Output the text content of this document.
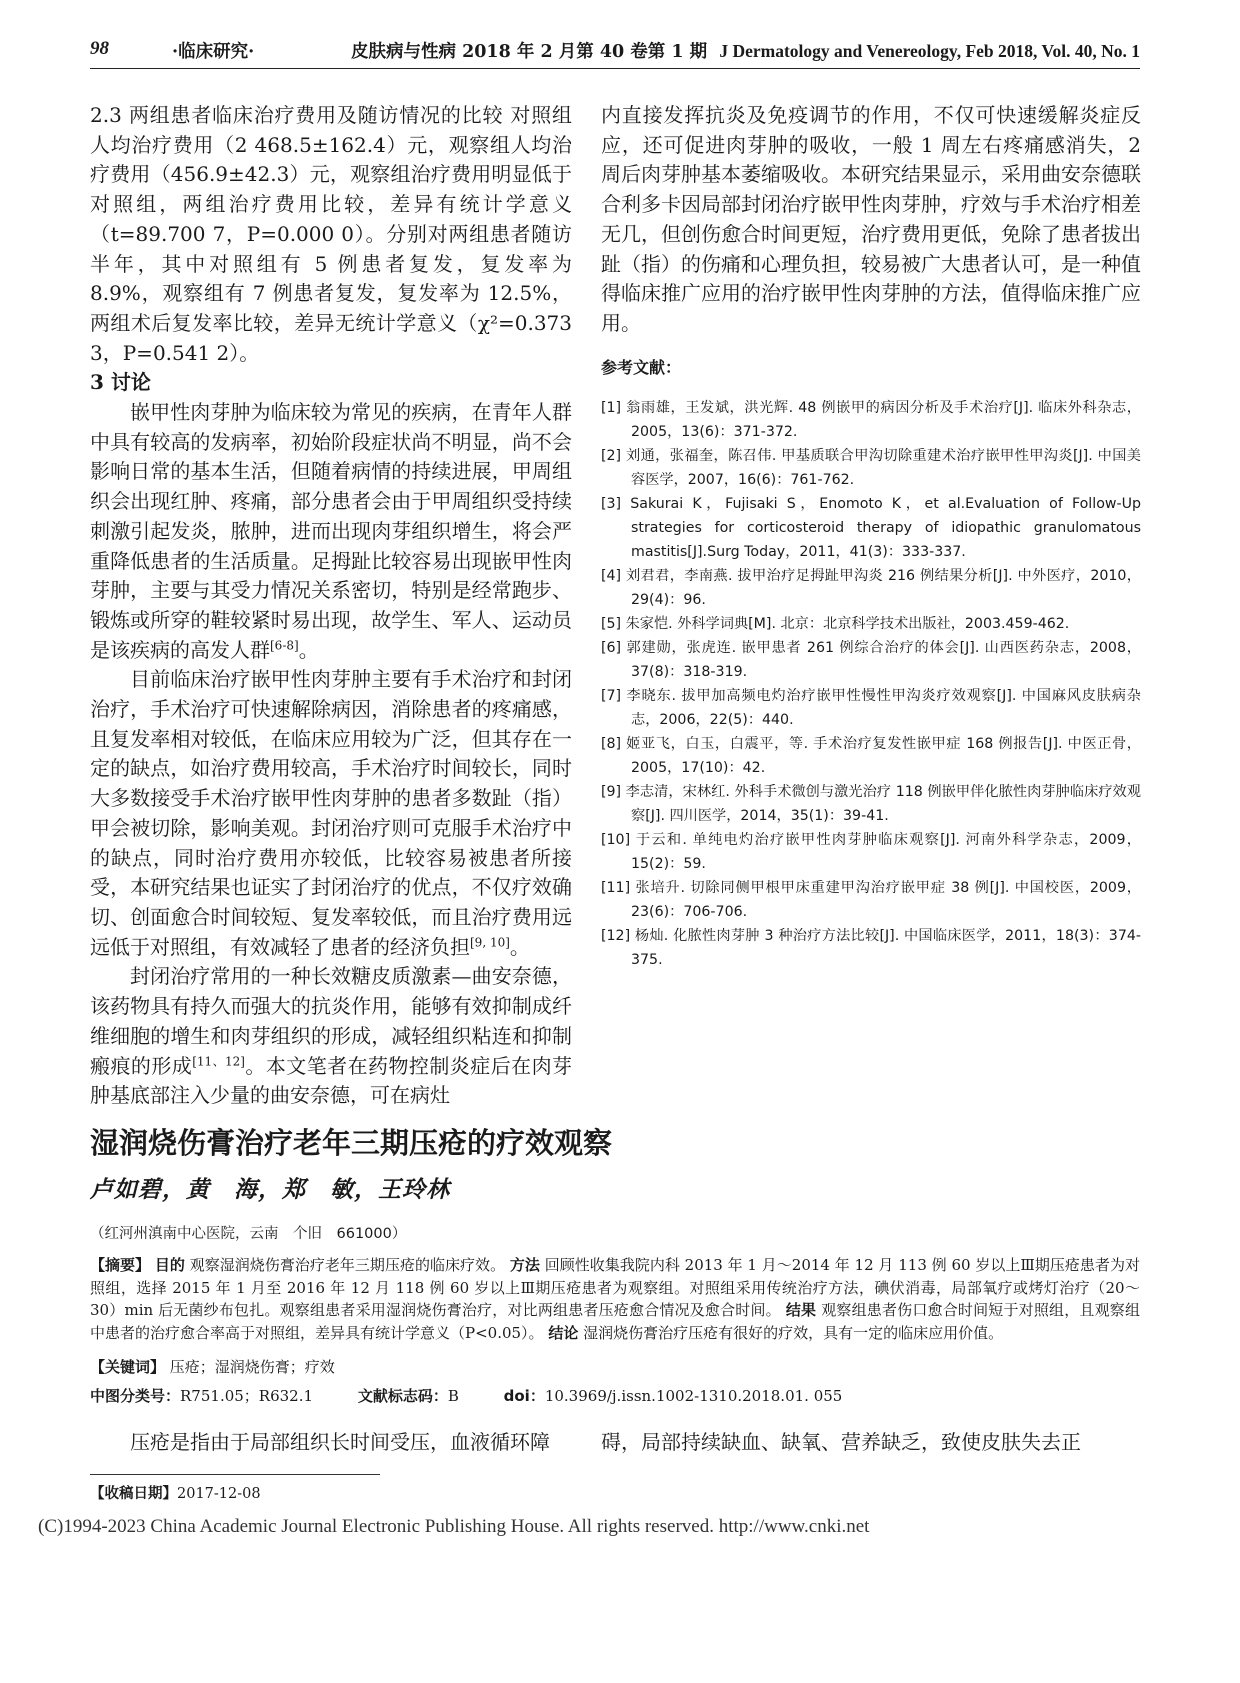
98	·临床研究·	皮肤病与性病 2018 年 2 月第 40 卷第 1 期 J Dermatology and Venereology, Feb 2018, Vol. 40, No. 1

2.3 两组患者临床治疗费用及随访情况的比较 对照组人均治疗费用（2 468.5±162.4）元，观察组人均治疗费用（456.9±42.3）元，观察组治疗费用明显低于对照组，两组治疗费用比较，差异有统计学意义（t=89.700 7，P=0.000 0）。分别对两组患者随访半年，其中对照组有 5 例患者复发，复发率为 8.9%，观察组有 7 例患者复发，复发率为 12.5%，两组术后复发率比较，差异无统计学意义（χ²=0.373 3，P=0.541 2）。

3 讨论

嵌甲性肉芽肿为临床较为常见的疾病，在青年人群中具有较高的发病率，初始阶段症状尚不明显，尚不会影响日常的基本生活，但随着病情的持续进展，甲周组织会出现红肿、疼痛，部分患者会由于甲周组织受持续刺激引起发炎，脓肿，进而出现肉芽组织增生，将会严重降低患者的生活质量。足拇趾比较容易出现嵌甲性肉芽肿，主要与其受力情况关系密切，特别是经常跑步、锻炼或所穿的鞋较紧时易出现，故学生、军人、运动员是该疾病的高发人群[6-8]。

目前临床治疗嵌甲性肉芽肿主要有手术治疗和封闭治疗，手术治疗可快速解除病因，消除患者的疼痛感，且复发率相对较低，在临床应用较为广泛，但其存在一定的缺点，如治疗费用较高，手术治疗时间较长，同时大多数接受手术治疗嵌甲性肉芽肿的患者多数趾（指）甲会被切除，影响美观。封闭治疗则可克服手术治疗中的缺点，同时治疗费用亦较低，比较容易被患者所接受，本研究结果也证实了封闭治疗的优点，不仅疗效确切、创面愈合时间较短、复发率较低，而且治疗费用远远低于对照组，有效减轻了患者的经济负担[9, 10]。

封闭治疗常用的一种长效糖皮质激素—曲安奈德，该药物具有持久而强大的抗炎作用，能够有效抑制成纤维细胞的增生和肉芽组织的形成，减轻组织粘连和抑制瘢痕的形成[11、12]。本文笔者在药物控制炎症后在肉芽肿基底部注入少量的曲安奈德，可在病灶

内直接发挥抗炎及免疫调节的作用，不仅可快速缓解炎症反应，还可促进肉芽肿的吸收，一般 1 周左右疼痛感消失，2 周后肉芽肿基本萎缩吸收。本研究结果显示，采用曲安奈德联合利多卡因局部封闭治疗嵌甲性肉芽肿，疗效与手术治疗相差无几，但创伤愈合时间更短，治疗费用更低，免除了患者拔出趾（指）的伤痛和心理负担，较易被广大患者认可，是一种值得临床推广应用的治疗嵌甲性肉芽肿的方法，值得临床推广应用。

参考文献：

[1] 翁雨雄，王发斌，洪光辉. 48 例嵌甲的病因分析及手术治疗[J]. 临床外科杂志，2005，13(6)：371-372.

[2] 刘通，张福奎，陈召伟. 甲基质联合甲沟切除重建术治疗嵌甲性甲沟炎[J]. 中国美容医学，2007，16(6)：761-762.

[3] Sakurai K，Fujisaki S，Enomoto K，et al.Evaluation of Follow-Up strategies for corticosteroid therapy of idiopathic granulomatous mastitis[J].Surg Today，2011，41(3)：333-337.

[4] 刘君君，李南燕. 拔甲治疗足拇趾甲沟炎 216 例结果分析[J]. 中外医疗，2010，29(4)：96.

[5] 朱家恺. 外科学词典[M]. 北京：北京科学技术出版社，2003.459-462.

[6] 郭建勋，张虎连. 嵌甲患者 261 例综合治疗的体会[J]. 山西医药杂志，2008，37(8)：318-319.

[7] 李晓东. 拔甲加高频电灼治疗嵌甲性慢性甲沟炎疗效观察[J]. 中国麻风皮肤病杂志，2006，22(5)：440.

[8] 姬亚飞，白玉，白震平，等. 手术治疗复发性嵌甲症 168 例报告[J]. 中医正骨，2005，17(10)：42.

[9] 李志清，宋林红. 外科手术微创与激光治疗 118 例嵌甲伴化脓性肉芽肿临床疗效观察[J]. 四川医学，2014，35(1)：39-41.

[10] 于云和. 单纯电灼治疗嵌甲性肉芽肿临床观察[J]. 河南外科学杂志，2009，15(2)：59.

[11] 张培升. 切除同侧甲根甲床重建甲沟治疗嵌甲症 38 例[J]. 中国校医，2009，23(6)：706-706.

[12] 杨灿. 化脓性肉芽肿 3 种治疗方法比较[J]. 中国临床医学，2011，18(3)：374-375.

湿润烧伤膏治疗老年三期压疮的疗效观察
卢如碧，黄　海，郑　敏，王玲林
（红河州滇南中心医院，云南　个旧　661000）
【摘要】 目的 观察湿润烧伤膏治疗老年三期压疮的临床疗效。 方法 回顾性收集我院内科 2013 年 1 月～2014 年 12 月 113 例 60 岁以上Ⅲ期压疮患者为对照组，选择 2015 年 1 月至 2016 年 12 月 118 例 60 岁以上Ⅲ期压疮患者为观察组。对照组采用传统治疗方法，碘伏消毒，局部氧疗或烤灯治疗（20～30）min 后无菌纱布包扎。观察组患者采用湿润烧伤膏治疗，对比两组患者压疮愈合情况及愈合时间。 结果 观察组患者伤口愈合时间短于对照组，且观察组中患者的治疗愈合率高于对照组，差异具有统计学意义（P<0.05）。 结论 湿润烧伤膏治疗压疮有很好的疗效，具有一定的临床应用价值。
【关键词】 压疮；湿润烧伤膏；疗效
中图分类号：R751.05；R632.1	文献标志码：B	doi：10.3969/j.issn.1002-1310.2018.01. 055
压疮是指由于局部组织长时间受压，血液循环障	碍，局部持续缺血、缺氧、营养缺乏，致使皮肤失去正
【收稿日期】2017-12-08
(C)1994-2023 China Academic Journal Electronic Publishing House. All rights reserved. http://www.cnki.net
